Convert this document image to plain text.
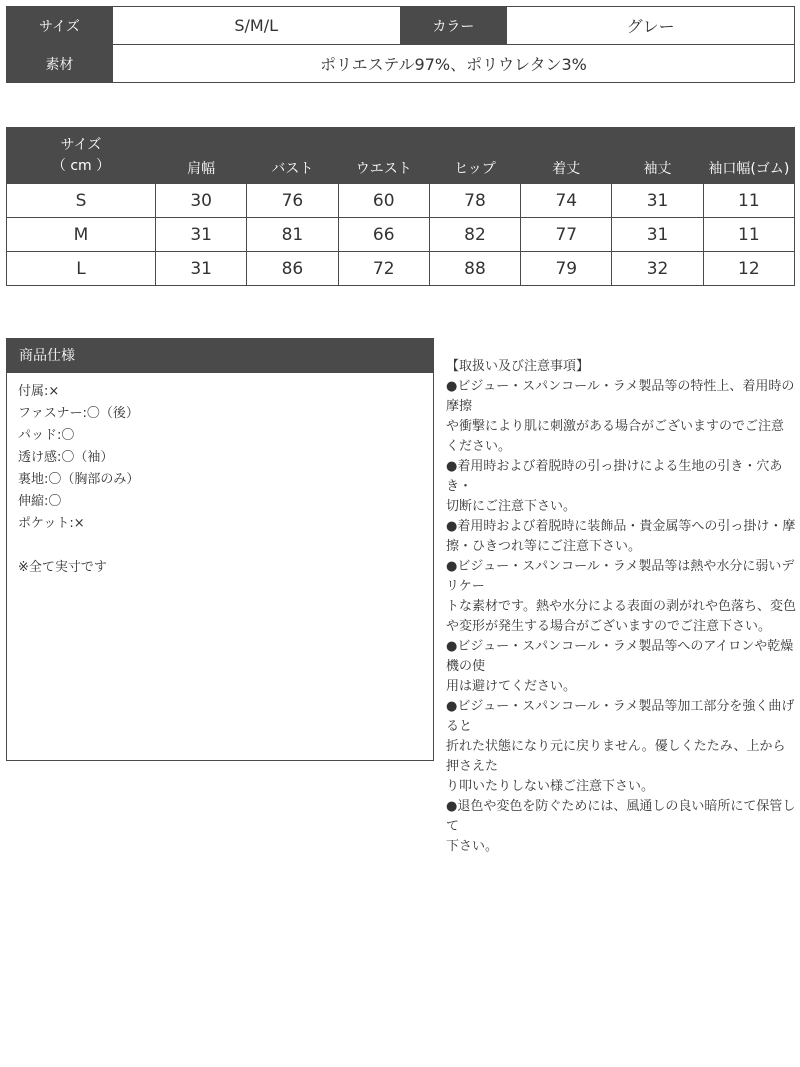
サイズ	S/M/L	カラー	グレー
素材	ポリエステル97%、ポリウレタン3%		
サイズ
（ cm ）	肩幅	バスト	ウエスト	ヒップ	着丈	袖丈	袖口幅(ゴム)
S	30	76	60	78	74	31	11
M	31	81	66	82	77	31	11
L	31	86	72	88	79	32	12
商品仕様
付属:×
ファスナー:〇（後）
パッド:〇
透け感:〇（袖）
裏地:〇（胸部のみ）
伸縮:〇
ポケット:×
※全て実寸です
【取扱い及び注意事項】
●ビジュー・スパンコール・ラメ製品等の特性上、着用時の摩擦
や衝撃により肌に刺激がある場合がございますのでご注意ください。
●着用時および着脱時の引っ掛けによる生地の引き・穴あき・
切断にご注意下さい。
●着用時および着脱時に装飾品・貴金属等への引っ掛け・摩
擦・ひきつれ等にご注意下さい。
●ビジュー・スパンコール・ラメ製品等は熱や水分に弱いデリケー
トな素材です。熱や水分による表面の剥がれや色落ち、変色
や変形が発生する場合がございますのでご注意下さい。
●ビジュー・スパンコール・ラメ製品等へのアイロンや乾燥機の使
用は避けてください。
●ビジュー・スパンコール・ラメ製品等加工部分を強く曲げると
折れた状態になり元に戻りません。優しくたたみ、上から押さえた
り叩いたりしない様ご注意下さい。
●退色や変色を防ぐためには、風通しの良い暗所にて保管して
下さい。
